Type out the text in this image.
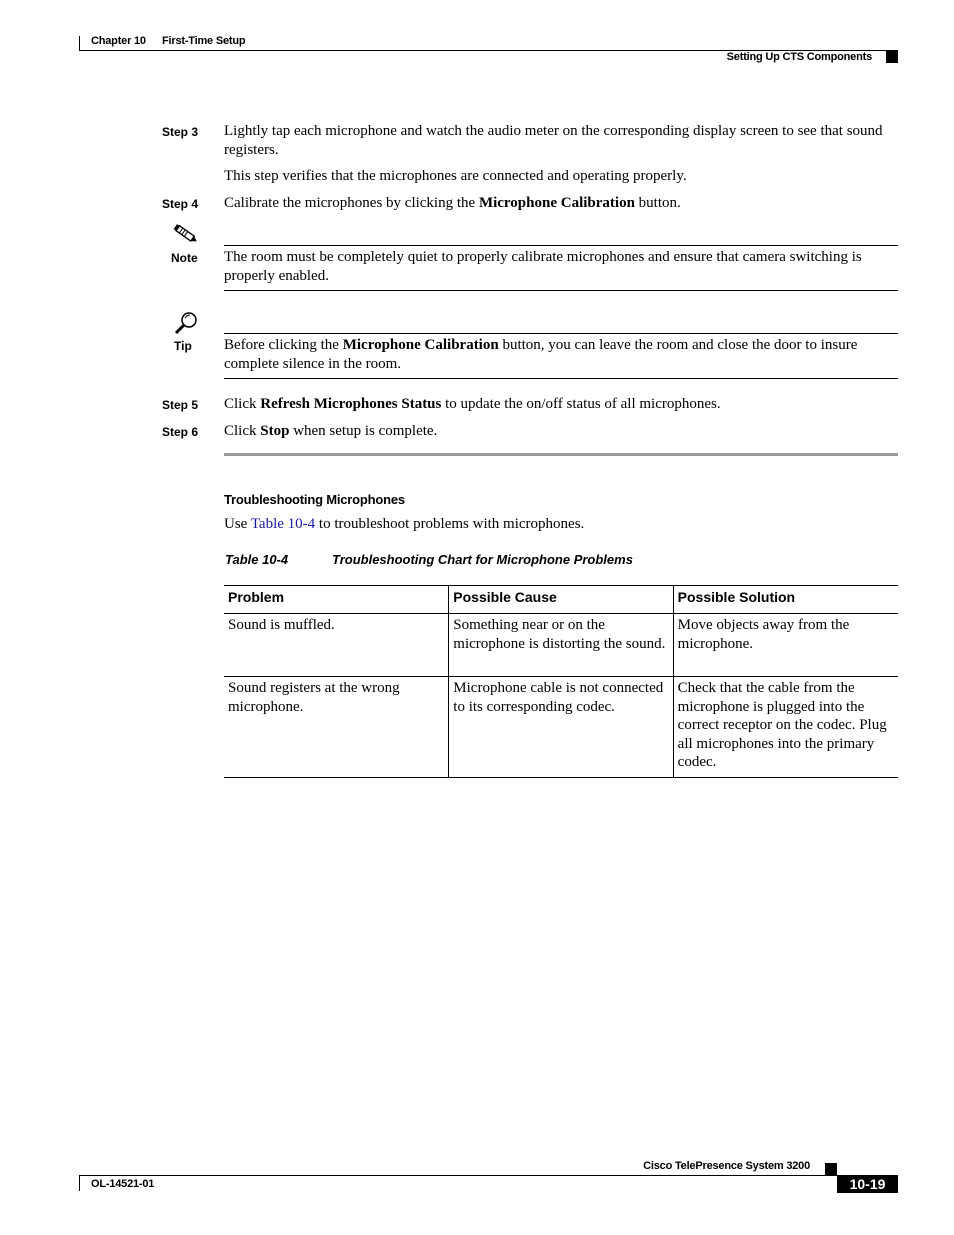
Chapter 10 First-Time Setup
Setting Up CTS Components
Step 3 Lightly tap each microphone and watch the audio meter on the corresponding display screen to see that sound registers.
This step verifies that the microphones are connected and operating properly.
Step 4 Calibrate the microphones by clicking the Microphone Calibration button.
Note The room must be completely quiet to properly calibrate microphones and ensure that camera switching is properly enabled.
Tip Before clicking the Microphone Calibration button, you can leave the room and close the door to insure complete silence in the room.
Step 5 Click Refresh Microphones Status to update the on/off status of all microphones.
Step 6 Click Stop when setup is complete.
Troubleshooting Microphones
Use Table 10-4 to troubleshoot problems with microphones.
Table 10-4	Troubleshooting Chart for Microphone Problems
Problem	Possible Cause	Possible Solution
Sound is muffled.	Something near or on the microphone is distorting the sound.	Move objects away from the microphone.
Sound registers at the wrong microphone.	Microphone cable is not connected to its corresponding codec.	Check that the cable from the microphone is plugged into the correct receptor on the codec. Plug all microphones into the primary codec.
Cisco TelePresence System 3200
OL-14521-01	10-19
